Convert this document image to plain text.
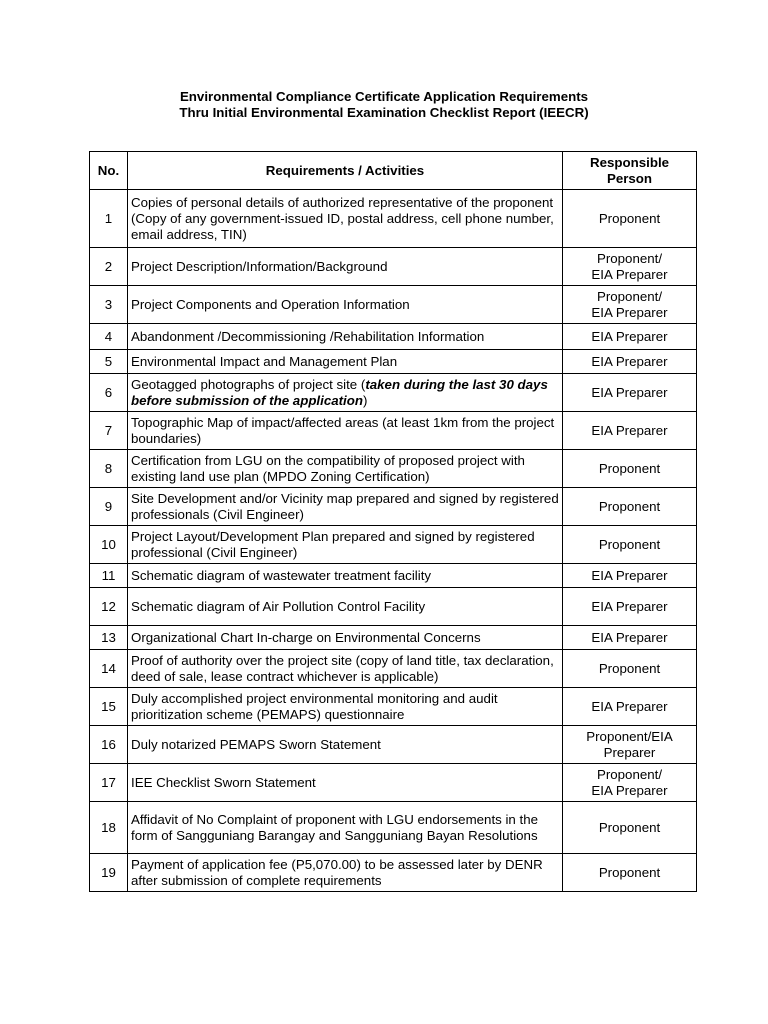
Environmental Compliance Certificate Application Requirements
Thru Initial Environmental Examination Checklist Report (IEECR)
No.	Requirements / Activities	Responsible
Person
1	Copies of personal details of authorized representative of the proponent (Copy of any government-issued ID, postal address, cell phone number, email address, TIN)	Proponent
2	Project Description/Information/Background	Proponent/
EIA Preparer
3	Project Components and Operation Information	Proponent/
EIA Preparer
4	Abandonment /Decommissioning /Rehabilitation Information	EIA Preparer
5	Environmental Impact and Management Plan	EIA Preparer
6	Geotagged photographs of project site (taken during the last 30 days before submission of the application)	EIA Preparer
7	Topographic Map of impact/affected areas (at least 1km from the project boundaries)	EIA Preparer
8	Certification from LGU on the compatibility of proposed project with existing land use plan (MPDO Zoning Certification)	Proponent
9	Site Development and/or Vicinity map prepared and signed by registered professionals (Civil Engineer)	Proponent
10	Project Layout/Development Plan prepared and signed by registered professional (Civil Engineer)	Proponent
11	Schematic diagram of wastewater treatment facility	EIA Preparer
12	Schematic diagram of Air Pollution Control Facility	EIA Preparer
13	Organizational Chart In-charge on Environmental Concerns	EIA Preparer
14	Proof of authority over the project site (copy of land title, tax declaration, deed of sale, lease contract whichever is applicable)	Proponent
15	Duly accomplished project environmental monitoring and audit prioritization scheme (PEMAPS) questionnaire	EIA Preparer
16	Duly notarized PEMAPS Sworn Statement	Proponent/EIA
Preparer
17	IEE Checklist Sworn Statement	Proponent/
EIA Preparer
18	Affidavit of No Complaint of proponent with LGU endorsements in the form of Sangguniang Barangay and Sangguniang Bayan Resolutions	Proponent
19	Payment of application fee (P5,070.00) to be assessed later by DENR after submission of complete requirements	Proponent
